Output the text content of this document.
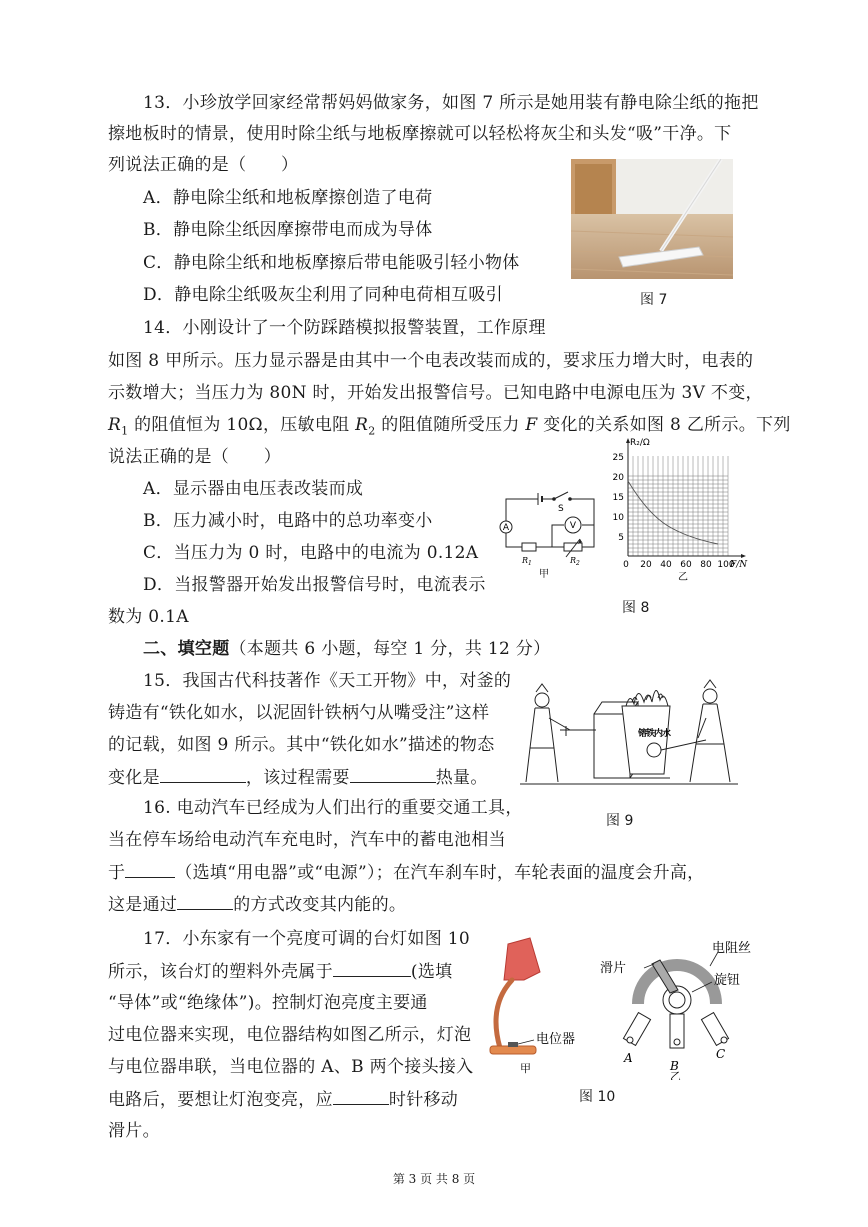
13．小珍放学回家经常帮妈妈做家务，如图 7 所示是她用装有静电除尘纸的拖把
擦地板时的情景，使用时除尘纸与地板摩擦就可以轻松将灰尘和头发“吸”干净。下
列说法正确的是（　　）
A．静电除尘纸和地板摩擦创造了电荷
B．静电除尘纸因摩擦带电而成为导体
C．静电除尘纸和地板摩擦后带电能吸引轻小物体
D．静电除尘纸吸灰尘利用了同种电荷相互吸引	图 7
14．小刚设计了一个防踩踏模拟报警装置，工作原理
如图 8 甲所示。压力显示器是由其中一个电表改装而成的，要求压力增大时，电表的
示数增大；当压力为 80N 时，开始发出报警信号。已知电路中电源电压为 3V 不变，
$R_1$ 的阻值恒为 10Ω，压敏电阻 $R_2$ 的阻值随所受压力 F 变化的关系如图 8 乙所示。下列
说法正确的是（　　）
A．显示器由电压表改装而成
B．压力减小时，电路中的总功率变小
C．当压力为 0 时，电路中的电流为 0.12A
D．当报警器开始发出报警信号时，电流表示
数为 0.1A
A	V
S
$R_1$	$R_2$
甲
R₂/Ω
F/N
25
20
15
10
5
0 20 40 60 80 100
乙
图 8
二、填空题（本题共 6 小题，每空 1 分，共 12 分）
15．我国古代科技著作《天工开物》中，对釜的
铸造有“铁化如水，以泥固针铁柄勺从嘴受注”这样
的记载，如图 9 所示。其中“铁化如水”描述的物态
变化是	，该过程需要	热量。
镕铁内水
图 9
16. 电动汽车已经成为人们出行的重要交通工具，
当在停车场给电动汽车充电时，汽车中的蓄电池相当
于	（选填“用电器”或“电源”）；在汽车刹车时，车轮表面的温度会升高，
这是通过	的方式改变其内能的。
17．小东家有一个亮度可调的台灯如图 10
所示，该台灯的塑料外壳属于	(选填
“导体”或“绝缘体”)。控制灯泡亮度主要通
过电位器来实现，电位器结构如图乙所示，灯泡
与电位器串联，当电位器的 A、B 两个接头接入
电路后，要想让灯泡变亮，应	时针移动
滑片。
电位器
甲
电阻丝
滑片
旋钮
A
B
C
乙
图 10
第 3 页 共 8 页
